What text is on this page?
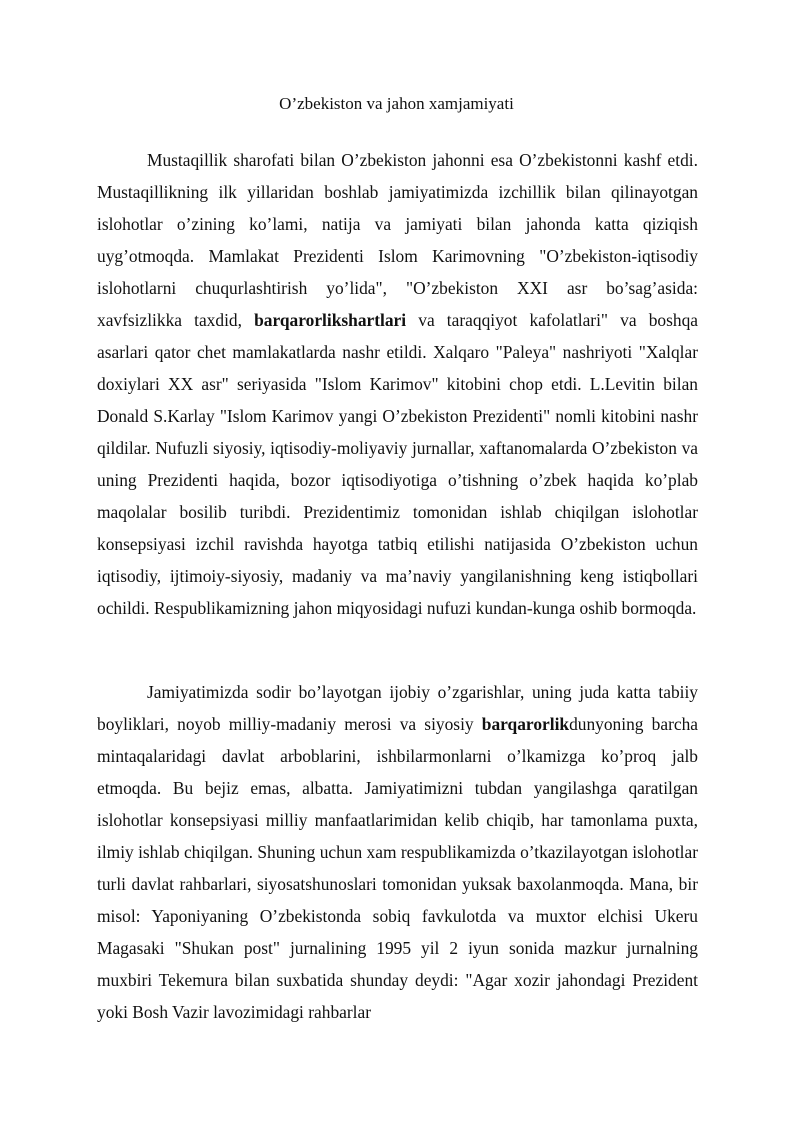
O’zbekiston va jahon xamjamiyati

Mustaqillik sharofati bilan O’zbekiston jahonni esa O’zbekistonni kashf etdi. Mustaqillikning ilk yillaridan boshlab jamiyatimizda izchillik bilan qilinayotgan islohotlar o’zining ko’lami, natija va jamiyati bilan jahonda katta qiziqish uyg’otmoqda. Mamlakat Prezidenti Islom Karimovning "O’zbekiston-iqtisodiy islohotlarni chuqurlashtirish yo’lida", "O’zbekiston XXI asr bo’sag’asida: xavfsizlikka taxdid, barqarorlikshartlari va taraqqiyot kafolatlari" va boshqa asarlari qator chet mamlakatlarda nashr etildi. Xalqaro "Paleya" nashriyoti "Xalqlar doxiylari XX asr" seriyasida "Islom Karimov" kitobini chop etdi. L.Levitin bilan Donald S.Karlay "Islom Karimov yangi O’zbekiston Prezidenti" nomli kitobini nashr qildilar. Nufuzli siyosiy, iqtisodiy-moliyaviy jurnallar, xaftanomalarda O’zbekiston va uning Prezidenti haqida, bozor iqtisodiyotiga o’tishning o’zbek haqida ko’plab maqolalar bosilib turibdi. Prezidentimiz tomonidan ishlab chiqilgan islohotlar konsepsiyasi izchil ravishda hayotga tatbiq etilishi natijasida O’zbekiston uchun iqtisodiy, ijtimoiy-siyosiy, madaniy va ma’naviy yangilanishning keng istiqbollari ochildi. Respublikamizning jahon miqyosidagi nufuzi kundan-kunga oshib bormoqda.

Jamiyatimizda sodir bo’layotgan ijobiy o’zgarishlar, uning juda katta tabiiy boyliklari, noyob milliy-madaniy merosi va siyosiy barqarorlikdunyoning barcha mintaqalaridagi davlat arboblarini, ishbilarmonlarni o’lkamizga ko’proq jalb etmoqda. Bu bejiz emas, albatta. Jamiyatimizni tubdan yangilashga qaratilgan islohotlar konsepsiyasi milliy manfaatlarimidan kelib chiqib, har tamonlama puxta, ilmiy ishlab chiqilgan. Shuning uchun xam respublikamizda o’tkazilayotgan islohotlar turli davlat rahbarlari, siyosatshunoslari tomonidan yuksak baxolanmoqda. Mana, bir misol: Yaponiyaning O’zbekistonda sobiq favkulotda va muxtor elchisi Ukeru Magasaki "Shukan post" jurnalining 1995 yil 2 iyun sonida mazkur jurnalning muxbiri Tekemura bilan suxbatida shunday deydi: "Agar xozir jahondagi Prezident yoki Bosh Vazir lavozimidagi rahbarlar
